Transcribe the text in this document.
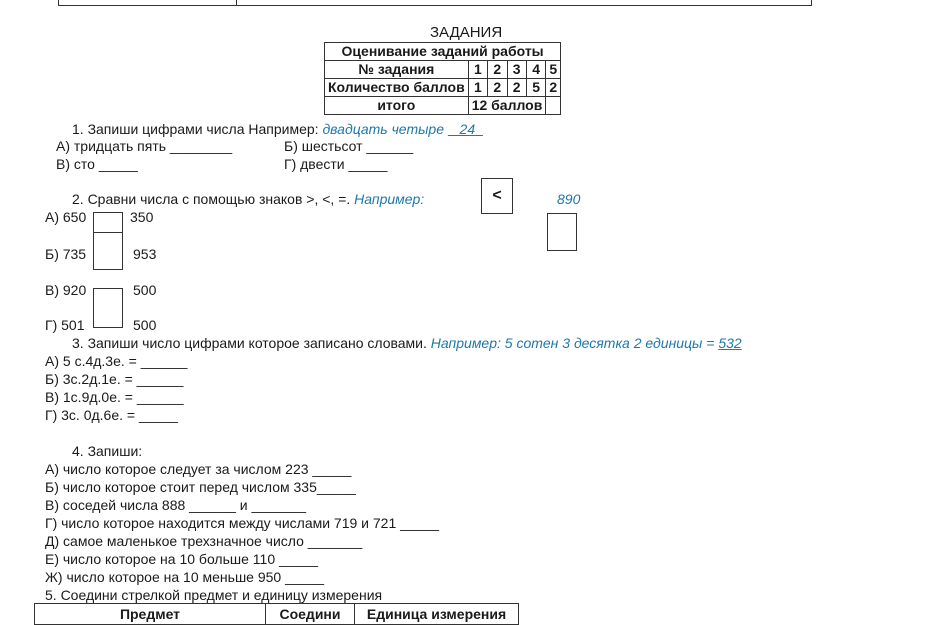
ЗАДАНИЯ
Оценивание заданий работы					
№ задания	1	2	3	4	5
Количество баллов	1	2	2	5	2
итого	12 баллов				
1. Запиши цифрами числа Например: двадцать четыре 24
А) тридцать пять ________	Б) шестьсот ______
В) сто _____	Г) двести _____
2. Сравни числа с помощью знаков >, <, =. Например:	<	890
А) 650	350
Б) 735	953
В) 920	500
Г) 501	500
3. Запиши число цифрами которое записано словами. Например: 5 сотен 3 десятка 2 единицы = 532
А) 5 с.4д.3е. = ______
Б) 3с.2д.1е. = ______
В) 1с.9д.0е. = ______
Г) 3с. 0д.6е. = _____
4. Запиши:
А) число которое следует за числом 223 _____
Б) число которое стоит перед числом 335_____
В) соседей числа 888 ______ и _______
Г) число которое находится между числами 719 и 721 _____
Д) самое маленькое трехзначное число _______
Е) число которое на 10 больше 110 _____
Ж) число которое на 10 меньше 950 _____
5. Соедини стрелкой предмет и единицу измерения
Предмет	Соедини	Единица измерения
